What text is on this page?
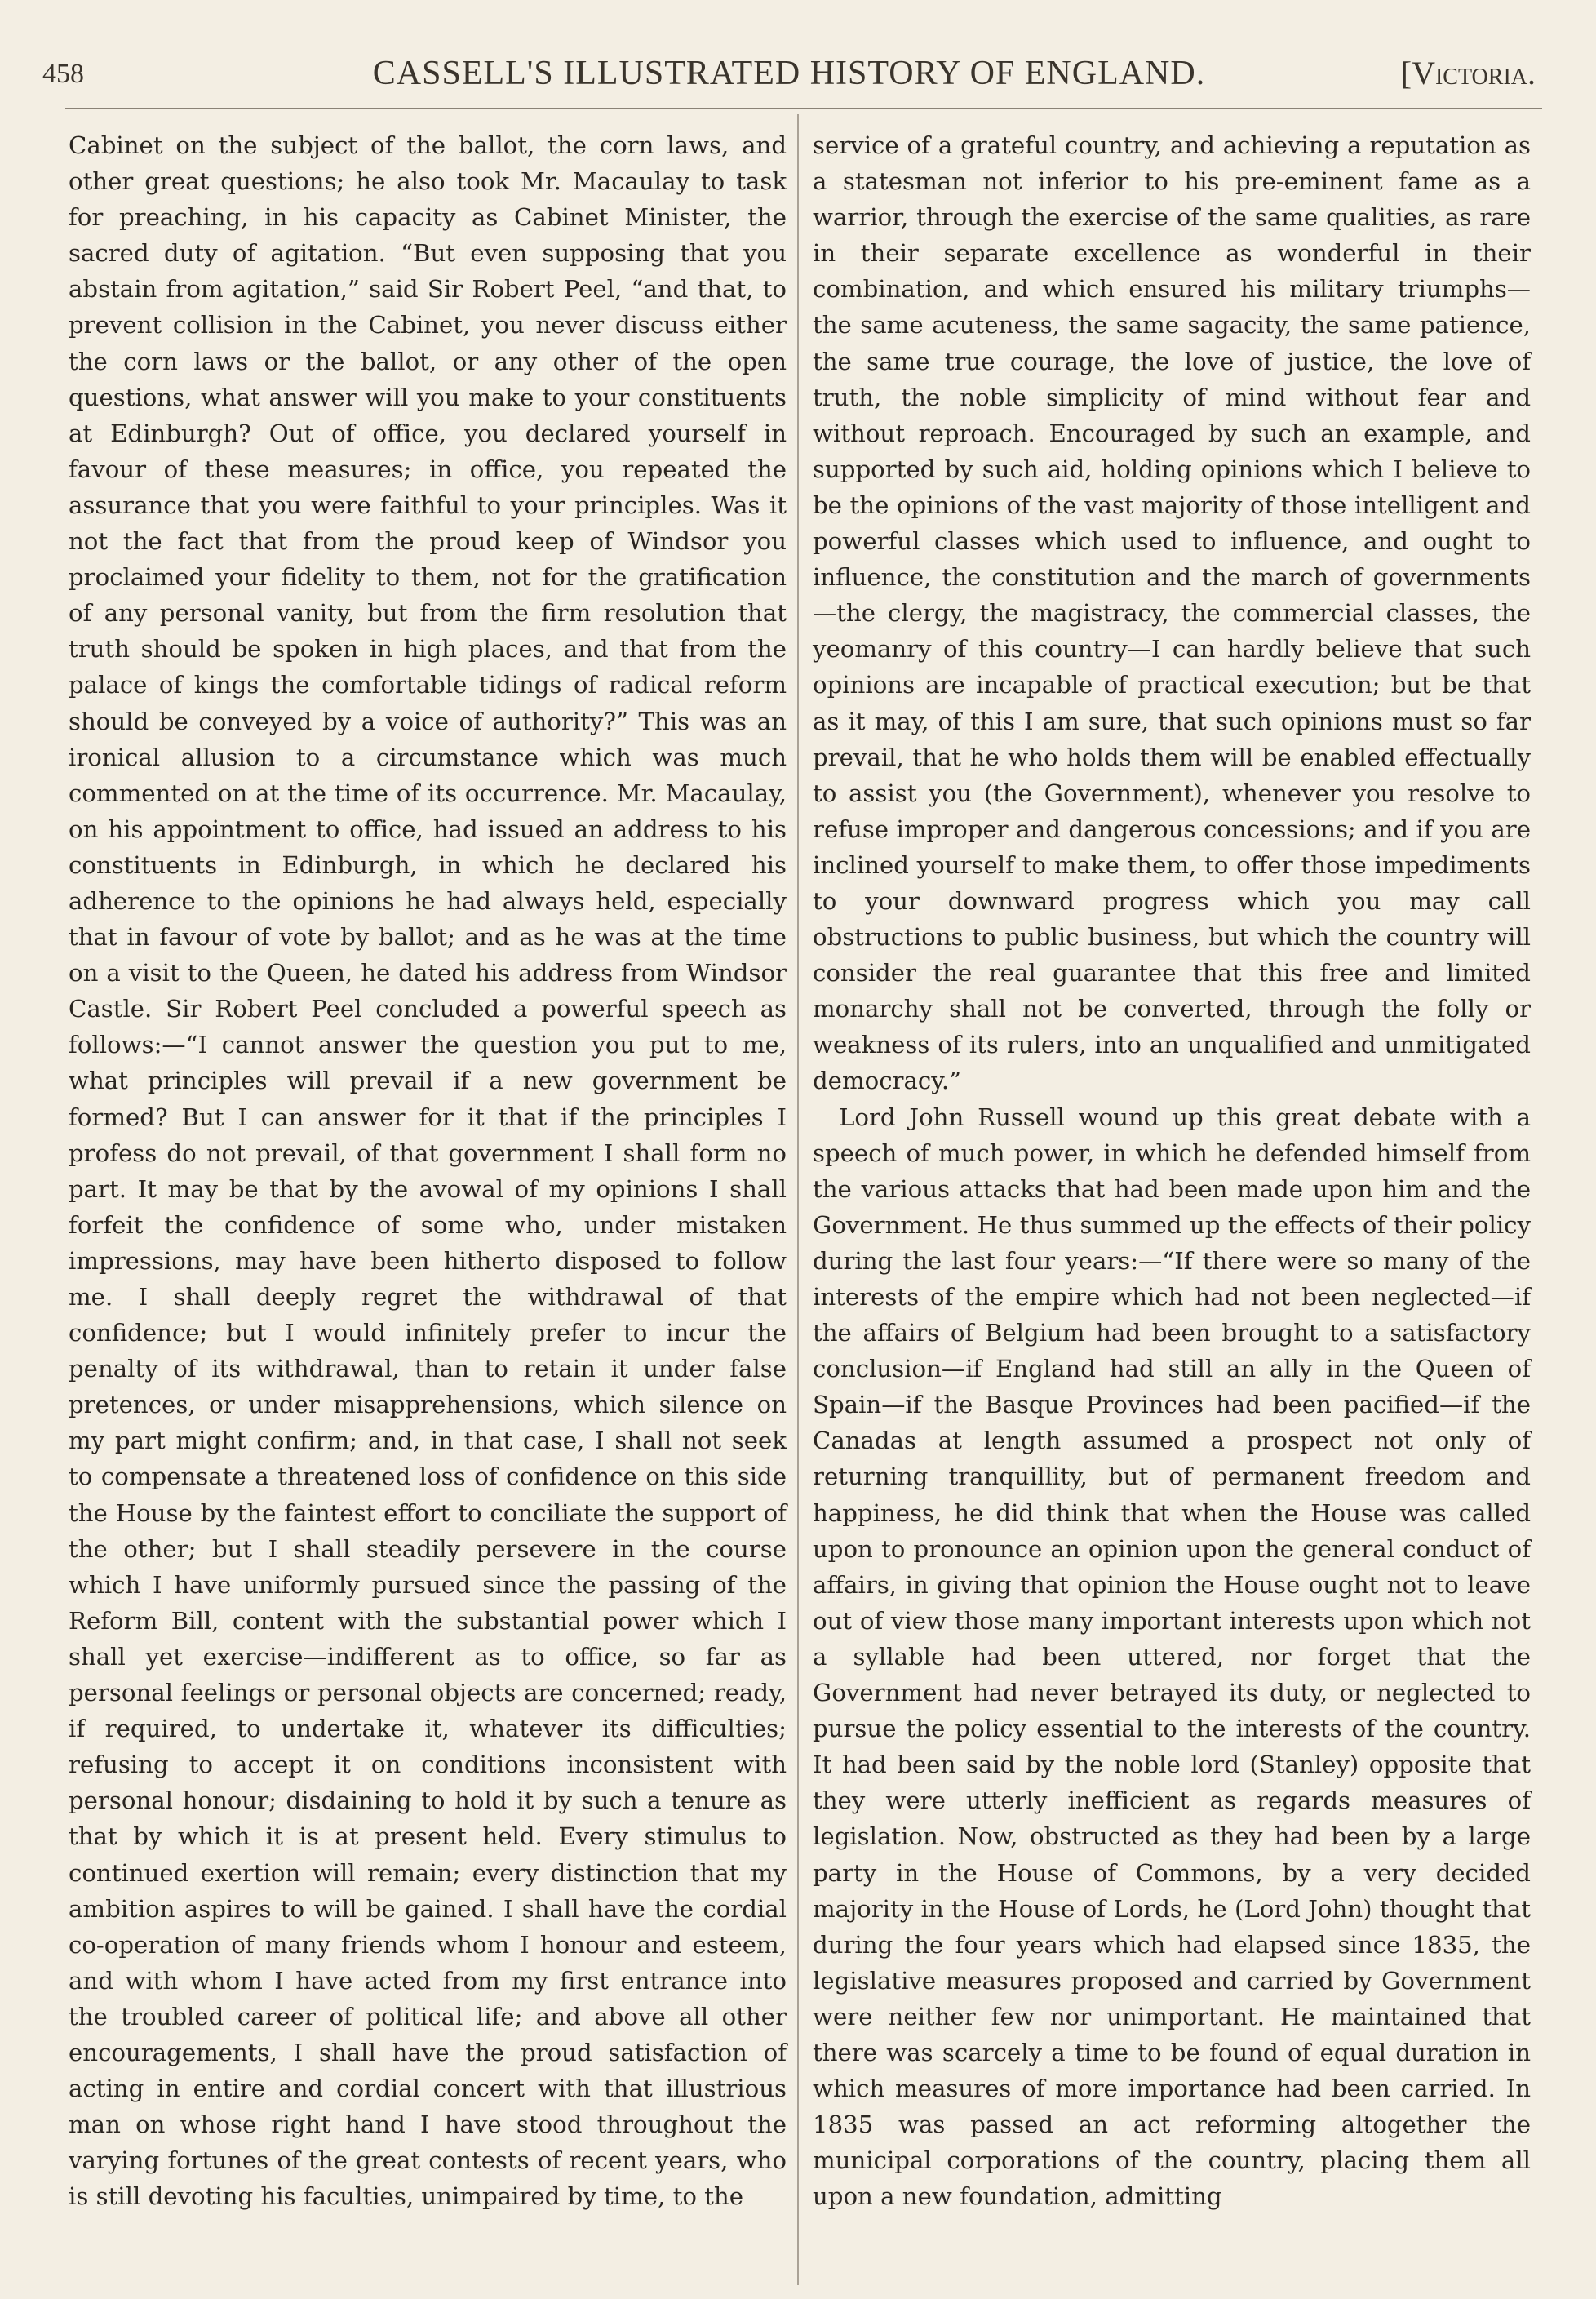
458	CASSELL'S ILLUSTRATED HISTORY OF ENGLAND.	[Victoria.

Cabinet on the subject of the ballot, the corn laws, and other great questions; he also took Mr. Macaulay to task for preaching, in his capacity as Cabinet Minister, the sacred duty of agitation. “But even supposing that you abstain from agitation,” said Sir Robert Peel, “and that, to prevent collision in the Cabinet, you never discuss either the corn laws or the ballot, or any other of the open questions, what answer will you make to your constituents at Edinburgh? Out of office, you declared yourself in favour of these measures; in office, you repeated the assurance that you were faithful to your principles. Was it not the fact that from the proud keep of Windsor you proclaimed your fidelity to them, not for the gratification of any personal vanity, but from the firm resolution that truth should be spoken in high places, and that from the palace of kings the comfortable tidings of radical reform should be conveyed by a voice of authority?” This was an ironical allusion to a circumstance which was much commented on at the time of its occurrence. Mr. Macaulay, on his appointment to office, had issued an address to his constituents in Edinburgh, in which he declared his adherence to the opinions he had always held, especially that in favour of vote by ballot; and as he was at the time on a visit to the Queen, he dated his address from Windsor Castle. Sir Robert Peel concluded a powerful speech as follows:—“I cannot answer the question you put to me, what principles will prevail if a new government be formed? But I can answer for it that if the principles I profess do not prevail, of that government I shall form no part. It may be that by the avowal of my opinions I shall forfeit the confidence of some who, under mistaken impressions, may have been hitherto disposed to follow me. I shall deeply regret the withdrawal of that confidence; but I would infinitely prefer to incur the penalty of its withdrawal, than to retain it under false pretences, or under misapprehensions, which silence on my part might confirm; and, in that case, I shall not seek to compensate a threatened loss of confidence on this side the House by the faintest effort to conciliate the support of the other; but I shall steadily persevere in the course which I have uniformly pursued since the passing of the Reform Bill, content with the substantial power which I shall yet exercise—indifferent as to office, so far as personal feelings or personal objects are concerned; ready, if required, to undertake it, whatever its difficulties; refusing to accept it on conditions inconsistent with personal honour; disdaining to hold it by such a tenure as that by which it is at present held. Every stimulus to continued exertion will remain; every distinction that my ambition aspires to will be gained. I shall have the cordial co-operation of many friends whom I honour and esteem, and with whom I have acted from my first entrance into the troubled career of political life; and above all other encouragements, I shall have the proud satisfaction of acting in entire and cordial concert with that illustrious man on whose right hand I have stood throughout the varying fortunes of the great contests of recent years, who is still devoting his faculties, unimpaired by time, to the

service of a grateful country, and achieving a reputation as a statesman not inferior to his pre-eminent fame as a warrior, through the exercise of the same qualities, as rare in their separate excellence as wonderful in their combination, and which ensured his military triumphs—the same acuteness, the same sagacity, the same patience, the same true courage, the love of justice, the love of truth, the noble simplicity of mind without fear and without reproach. Encouraged by such an example, and supported by such aid, holding opinions which I believe to be the opinions of the vast majority of those intelligent and powerful classes which used to influence, and ought to influence, the constitution and the march of governments—the clergy, the magistracy, the commercial classes, the yeomanry of this country—I can hardly believe that such opinions are incapable of practical execution; but be that as it may, of this I am sure, that such opinions must so far prevail, that he who holds them will be enabled effectually to assist you (the Government), whenever you resolve to refuse improper and dangerous concessions; and if you are inclined yourself to make them, to offer those impediments to your downward progress which you may call obstructions to public business, but which the country will consider the real guarantee that this free and limited monarchy shall not be converted, through the folly or weakness of its rulers, into an unqualified and unmitigated democracy.”

Lord John Russell wound up this great debate with a speech of much power, in which he defended himself from the various attacks that had been made upon him and the Government. He thus summed up the effects of their policy during the last four years:—“If there were so many of the interests of the empire which had not been neglected—if the affairs of Belgium had been brought to a satisfactory conclusion—if England had still an ally in the Queen of Spain—if the Basque Provinces had been pacified—if the Canadas at length assumed a prospect not only of returning tranquillity, but of permanent freedom and happiness, he did think that when the House was called upon to pronounce an opinion upon the general conduct of affairs, in giving that opinion the House ought not to leave out of view those many important interests upon which not a syllable had been uttered, nor forget that the Government had never betrayed its duty, or neglected to pursue the policy essential to the interests of the country. It had been said by the noble lord (Stanley) opposite that they were utterly inefficient as regards measures of legislation. Now, obstructed as they had been by a large party in the House of Commons, by a very decided majority in the House of Lords, he (Lord John) thought that during the four years which had elapsed since 1835, the legislative measures proposed and carried by Government were neither few nor unimportant. He maintained that there was scarcely a time to be found of equal duration in which measures of more importance had been carried. In 1835 was passed an act reforming altogether the municipal corporations of the country, placing them all upon a new foundation, admitting
